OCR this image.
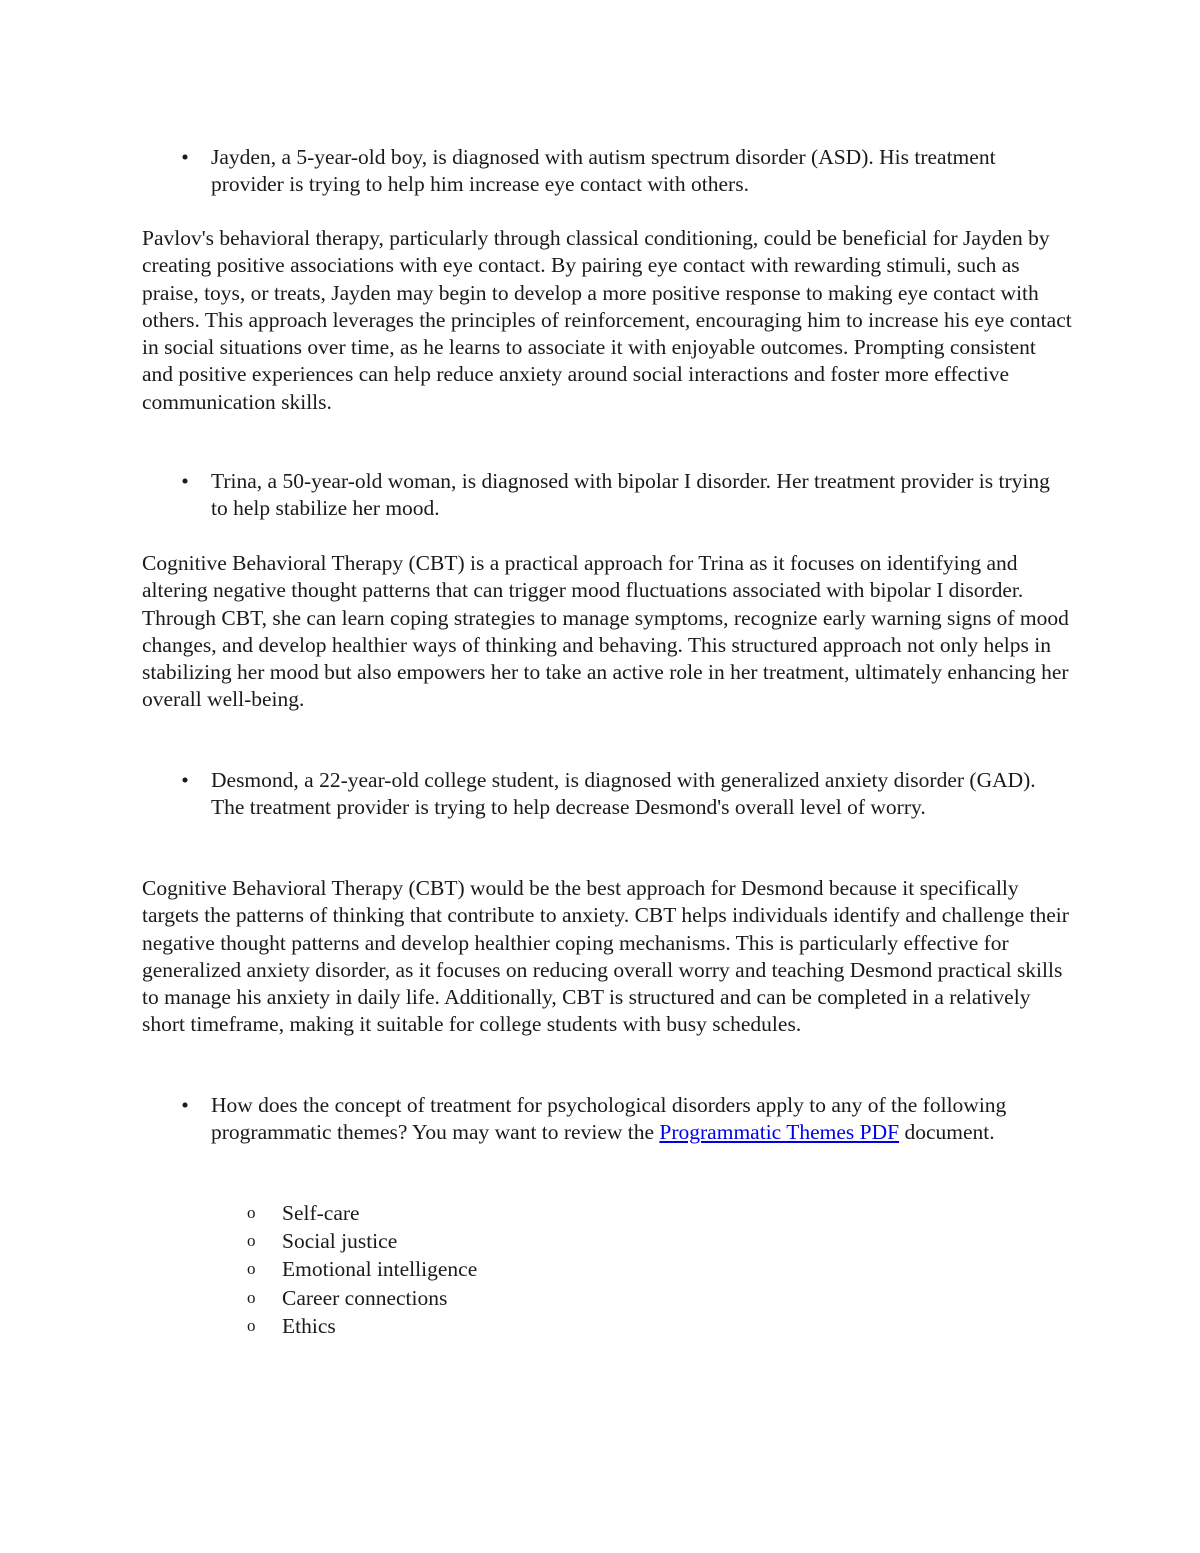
• Jayden, a 5-year-old boy, is diagnosed with autism spectrum disorder (ASD). His treatment provider is trying to help him increase eye contact with others.

Pavlov's behavioral therapy, particularly through classical conditioning, could be beneficial for Jayden by creating positive associations with eye contact. By pairing eye contact with rewarding stimuli, such as praise, toys, or treats, Jayden may begin to develop a more positive response to making eye contact with others. This approach leverages the principles of reinforcement, encouraging him to increase his eye contact in social situations over time, as he learns to associate it with enjoyable outcomes. Prompting consistent and positive experiences can help reduce anxiety around social interactions and foster more effective communication skills.

• Trina, a 50-year-old woman, is diagnosed with bipolar I disorder. Her treatment provider is trying to help stabilize her mood.

Cognitive Behavioral Therapy (CBT) is a practical approach for Trina as it focuses on identifying and altering negative thought patterns that can trigger mood fluctuations associated with bipolar I disorder. Through CBT, she can learn coping strategies to manage symptoms, recognize early warning signs of mood changes, and develop healthier ways of thinking and behaving. This structured approach not only helps in stabilizing her mood but also empowers her to take an active role in her treatment, ultimately enhancing her overall well-being.

• Desmond, a 22-year-old college student, is diagnosed with generalized anxiety disorder (GAD). The treatment provider is trying to help decrease Desmond's overall level of worry.

Cognitive Behavioral Therapy (CBT) would be the best approach for Desmond because it specifically targets the patterns of thinking that contribute to anxiety. CBT helps individuals identify and challenge their negative thought patterns and develop healthier coping mechanisms. This is particularly effective for generalized anxiety disorder, as it focuses on reducing overall worry and teaching Desmond practical skills to manage his anxiety in daily life. Additionally, CBT is structured and can be completed in a relatively short timeframe, making it suitable for college students with busy schedules.

• How does the concept of treatment for psychological disorders apply to any of the following programmatic themes? You may want to review the Programmatic Themes PDF document.
o Self-care
o Social justice
o Emotional intelligence
o Career connections
o Ethics
